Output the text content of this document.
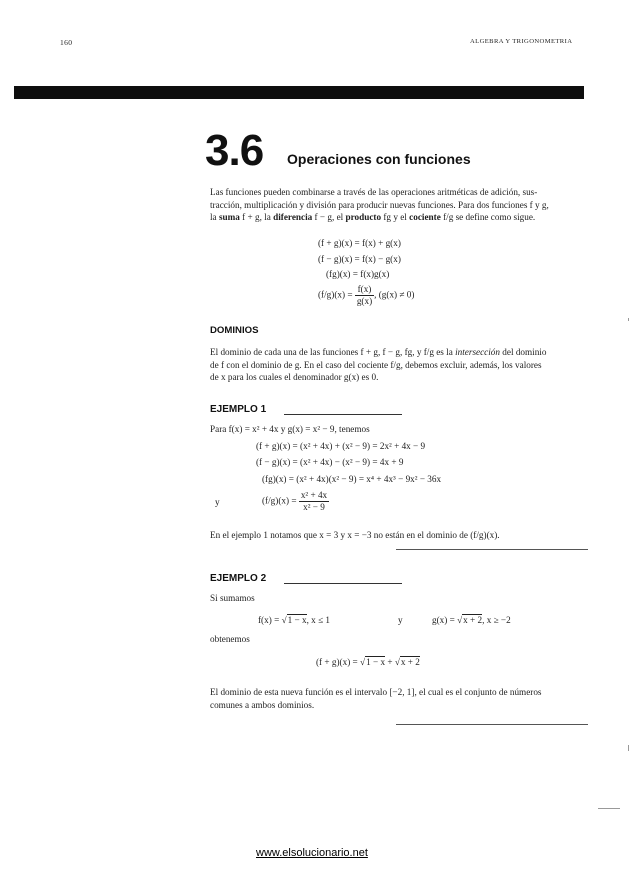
160	ALGEBRA Y TRIGONOMETRIA
3.6 Operaciones con funciones

Las funciones pueden combinarse a través de las operaciones aritméticas de adición, sus-

tracción, multiplicación y división para producir nuevas funciones. Para dos funciones f y g,

la suma f + g, la diferencia f − g, el producto fg y el cociente f/g se define como sigue.

(f + g)(x) = f(x) + g(x)
(f − g)(x) = f(x) − g(x)
(fg)(x) = f(x)g(x)
$(f/g)(x) = \frac{f(x)}{g(x)}$ , (g(x) ≠ 0)
DOMINIOS

El dominio de cada una de las funciones f + g, f − g, fg, y f/g es la intersección del dominio

de f con el dominio de g. En el caso del cociente f/g, debemos excluir, además, los valores

de x para los cuales el denominador g(x) es 0.

EJEMPLO 1
Para f(x) = x² + 4x y g(x) = x² − 9, tenemos
(f + g)(x) = (x² + 4x) + (x² − 9) = 2x² + 4x − 9
(f − g)(x) = (x² + 4x) − (x² − 9) = 4x + 9
(fg)(x) = (x² + 4x)(x² − 9) = x⁴ + 4x³ − 9x² − 36x
y	$(f/g)(x) = \frac{\text{x² + 4x}}{\text{x² − 9}}$
En el ejemplo 1 notamos que x = 3 y x = −3 no están en el dominio de (f/g)(x).
EJEMPLO 2
Si sumamos
f(x) = √1 − x, x ≤ 1	y	g(x) = √x + 2, x ≥ −2
obtenemos
(f + g)(x) = √1 − x + √x + 2

El dominio de esta nueva función es el intervalo [−2, 1], el cual es el conjunto de números

comunes a ambos dominios.

www.elsolucionario.net
